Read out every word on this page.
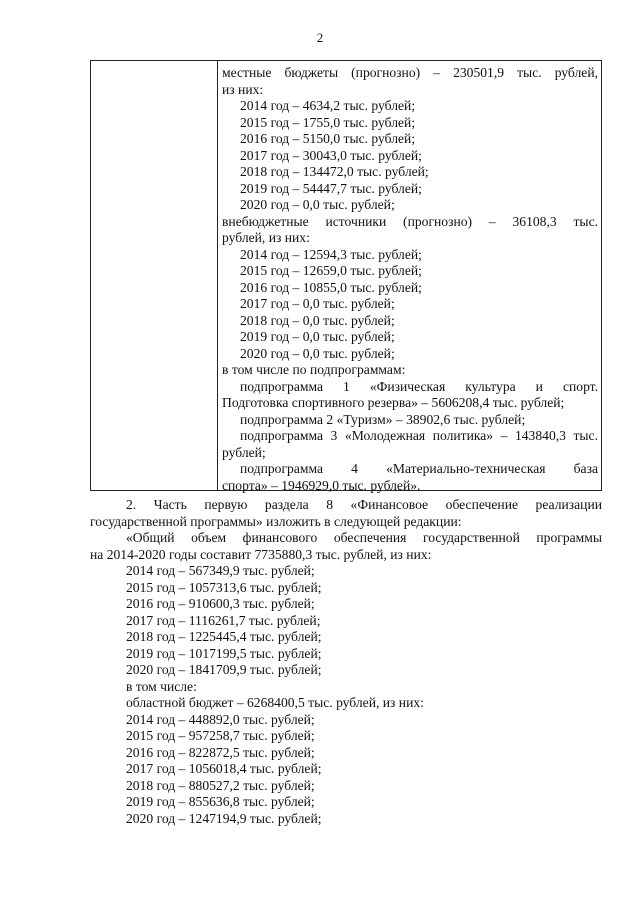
2
местные бюджеты (прогнозно) – 230501,9 тыс. рублей,
из них:
2014 год – 4634,2 тыс. рублей;
2015 год – 1755,0 тыс. рублей;
2016 год – 5150,0 тыс. рублей;
2017 год – 30043,0 тыс. рублей;
2018 год – 134472,0 тыс. рублей;
2019 год – 54447,7 тыс. рублей;
2020 год – 0,0 тыс. рублей;
внебюджетные источники (прогнозно) – 36108,3 тыс.
рублей, из них:
2014 год – 12594,3 тыс. рублей;
2015 год – 12659,0 тыс. рублей;
2016 год – 10855,0 тыс. рублей;
2017 год – 0,0 тыс. рублей;
2018 год – 0,0 тыс. рублей;
2019 год – 0,0 тыс. рублей;
2020 год – 0,0 тыс. рублей;
в том числе по подпрограммам:
подпрограмма 1 «Физическая культура и спорт.
Подготовка спортивного резерва» – 5606208,4 тыс. рублей;
подпрограмма 2 «Туризм» – 38902,6 тыс. рублей;
подпрограмма 3 «Молодежная политика» – 143840,3 тыс.
рублей;
подпрограмма 4 «Материально-техническая база
спорта» – 1946929,0 тыс. рублей».
2. Часть первую раздела 8 «Финансовое обеспечение реализации
государственной программы» изложить в следующей редакции:
«Общий объем финансового обеспечения государственной программы
на 2014-2020 годы составит 7735880,3 тыс. рублей, из них:
2014 год – 567349,9 тыс. рублей;
2015 год – 1057313,6 тыс. рублей;
2016 год – 910600,3 тыс. рублей;
2017 год – 1116261,7 тыс. рублей;
2018 год – 1225445,4 тыс. рублей;
2019 год – 1017199,5 тыс. рублей;
2020 год – 1841709,9 тыс. рублей;
в том числе:
областной бюджет – 6268400,5 тыс. рублей, из них:
2014 год – 448892,0 тыс. рублей;
2015 год – 957258,7 тыс. рублей;
2016 год – 822872,5 тыс. рублей;
2017 год – 1056018,4 тыс. рублей;
2018 год – 880527,2 тыс. рублей;
2019 год – 855636,8 тыс. рублей;
2020 год – 1247194,9 тыс. рублей;
